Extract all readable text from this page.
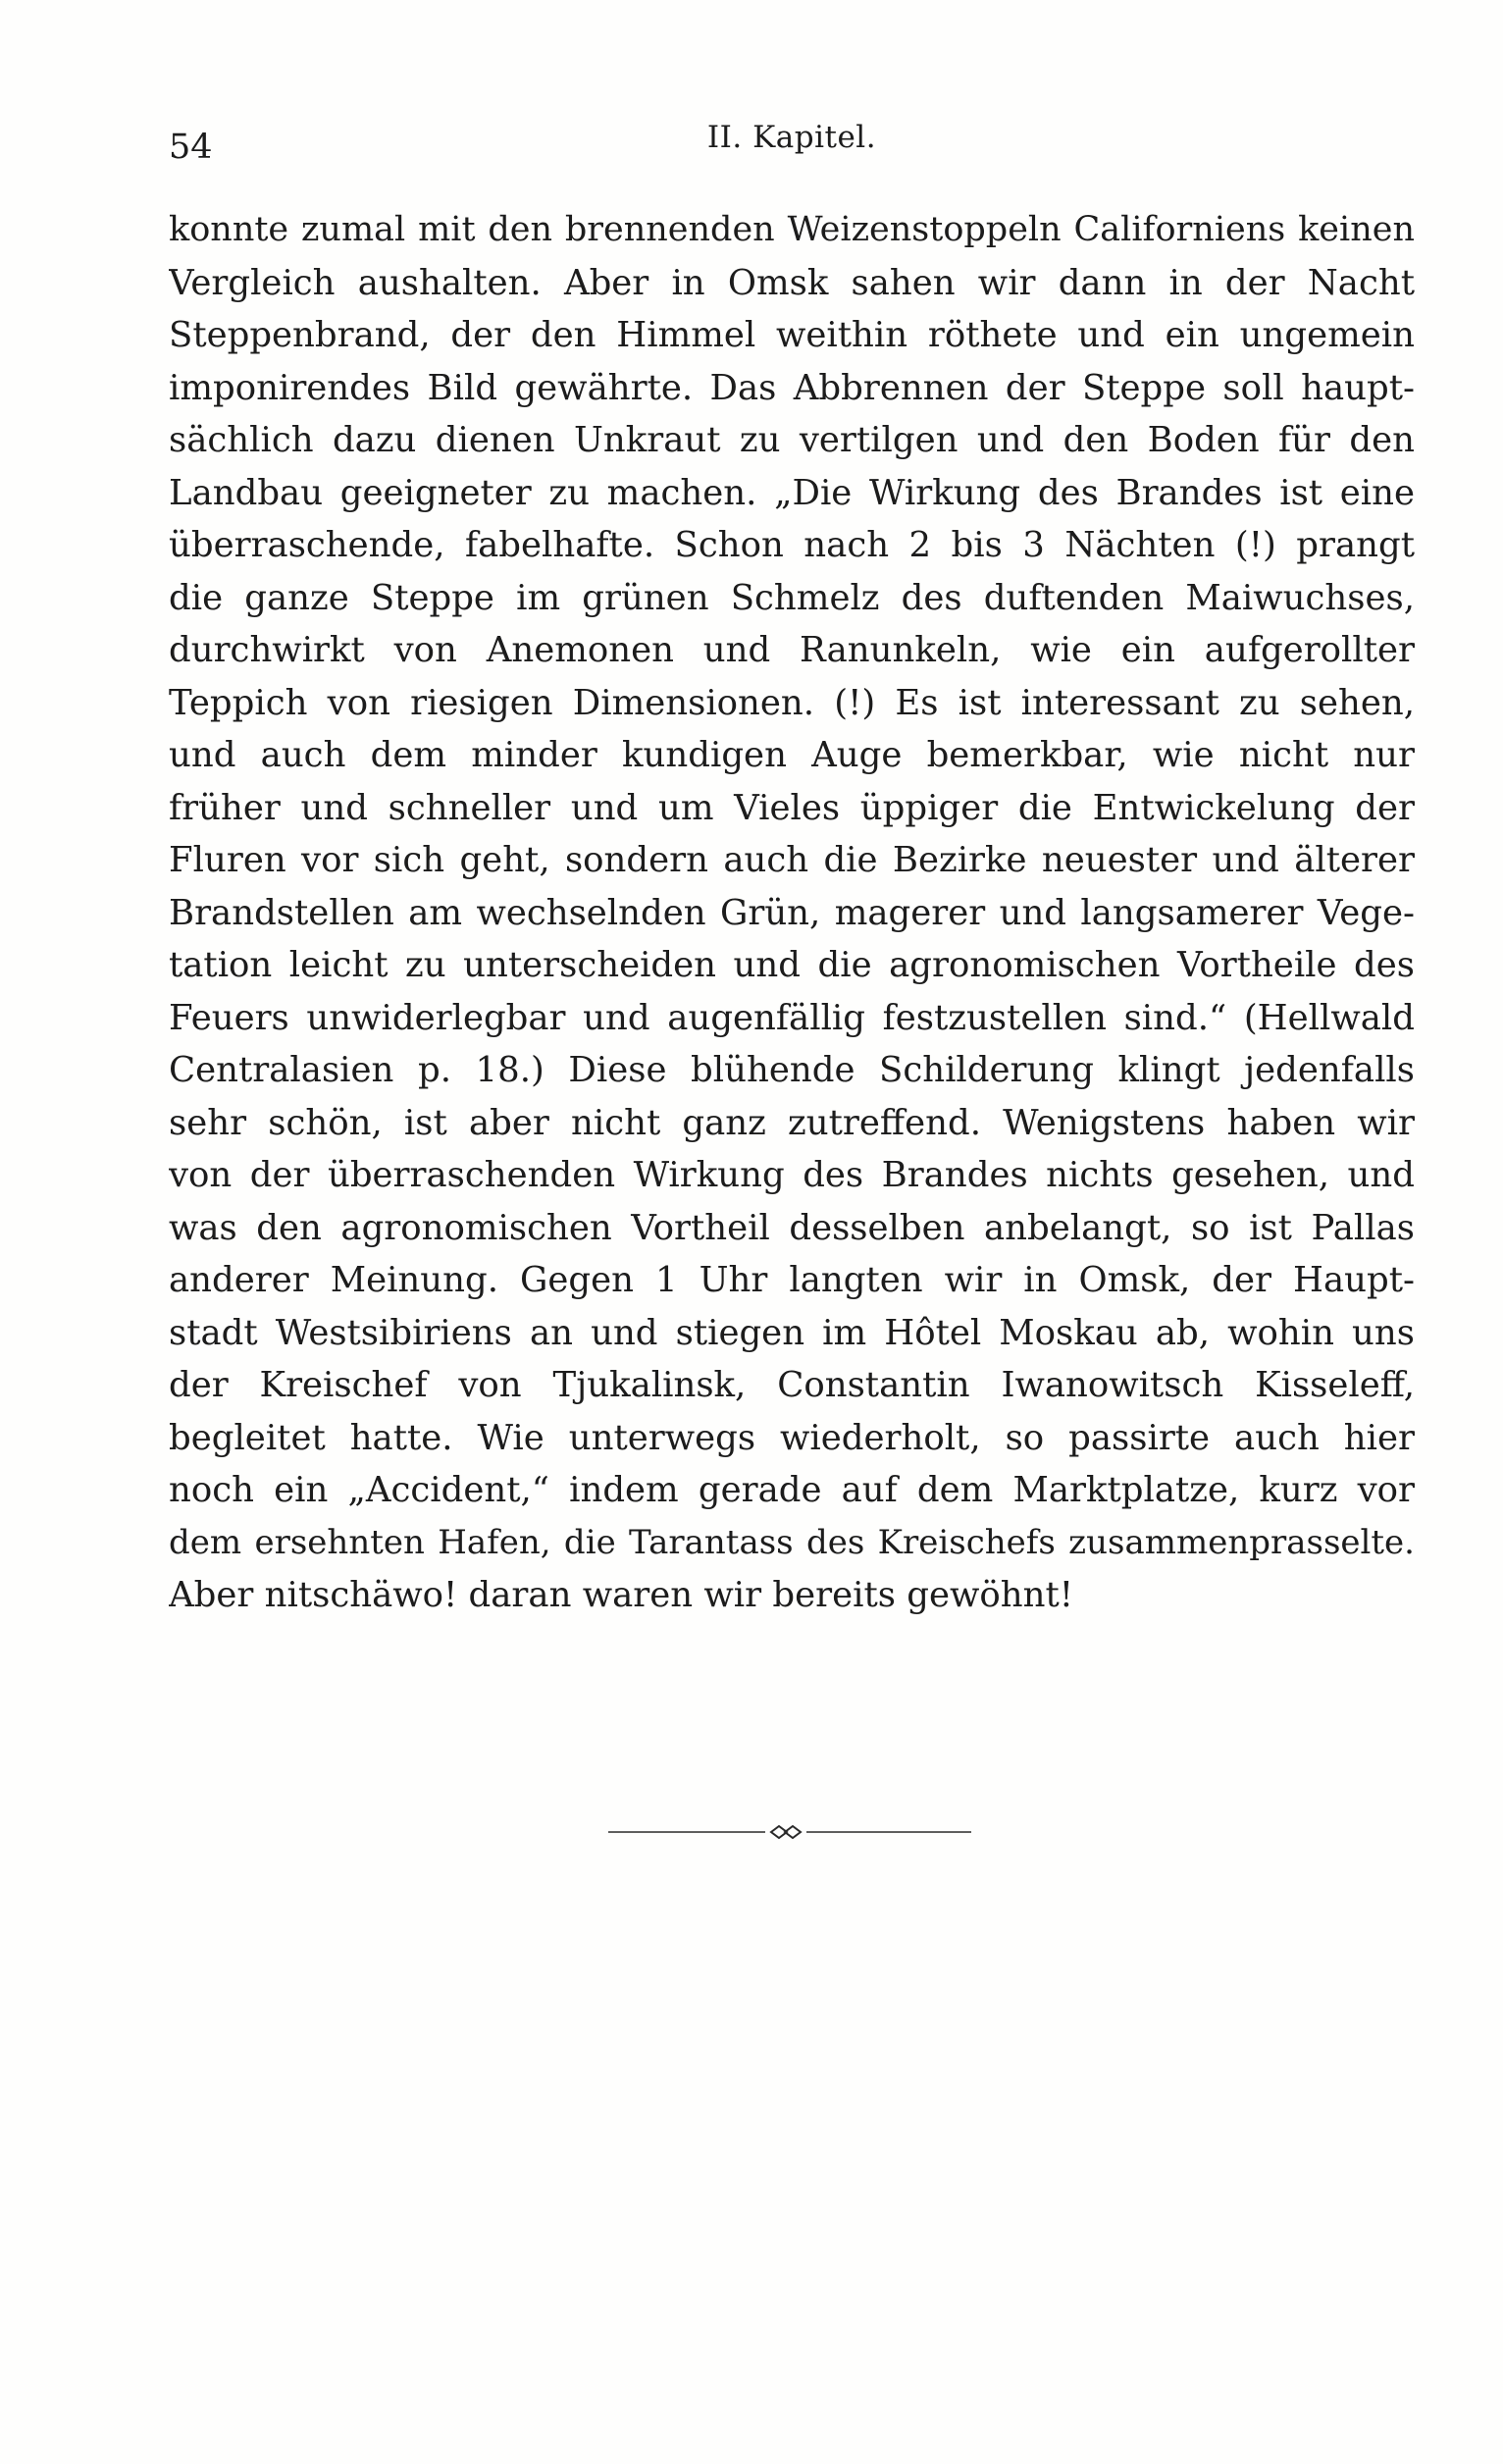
54	II. Kapitel.
konnte zumal mit den brennenden Weizenstoppeln Californiens keinen
Vergleich aushalten. Aber in Omsk sahen wir dann in der Nacht
Steppenbrand, der den Himmel weithin röthete und ein ungemein
imponirendes Bild gewährte. Das Abbrennen der Steppe soll haupt-
sächlich dazu dienen Unkraut zu vertilgen und den Boden für den
Landbau geeigneter zu machen. „Die Wirkung des Brandes ist eine
überraschende, fabelhafte. Schon nach 2 bis 3 Nächten (!) prangt
die ganze Steppe im grünen Schmelz des duftenden Maiwuchses,
durchwirkt von Anemonen und Ranunkeln, wie ein aufgerollter
Teppich von riesigen Dimensionen. (!) Es ist interessant zu sehen,
und auch dem minder kundigen Auge bemerkbar, wie nicht nur
früher und schneller und um Vieles üppiger die Entwickelung der
Fluren vor sich geht, sondern auch die Bezirke neuester und älterer
Brandstellen am wechselnden Grün, magerer und langsamerer Vege-
tation leicht zu unterscheiden und die agronomischen Vortheile des
Feuers unwiderlegbar und augenfällig festzustellen sind.“ (Hellwald
Centralasien p. 18.) Diese blühende Schilderung klingt jedenfalls
sehr schön, ist aber nicht ganz zutreffend. Wenigstens haben wir
von der überraschenden Wirkung des Brandes nichts gesehen, und
was den agronomischen Vortheil desselben anbelangt, so ist Pallas
anderer Meinung. Gegen 1 Uhr langten wir in Omsk, der Haupt-
stadt Westsibiriens an und stiegen im Hôtel Moskau ab, wohin uns
der Kreischef von Tjukalinsk, Constantin Iwanowitsch Kisseleff,
begleitet hatte. Wie unterwegs wiederholt, so passirte auch hier
noch ein „Accident,“ indem gerade auf dem Marktplatze, kurz vor
dem ersehnten Hafen, die Tarantass des Kreischefs zusammenprasselte.
Aber nitschäwo! daran waren wir bereits gewöhnt!
